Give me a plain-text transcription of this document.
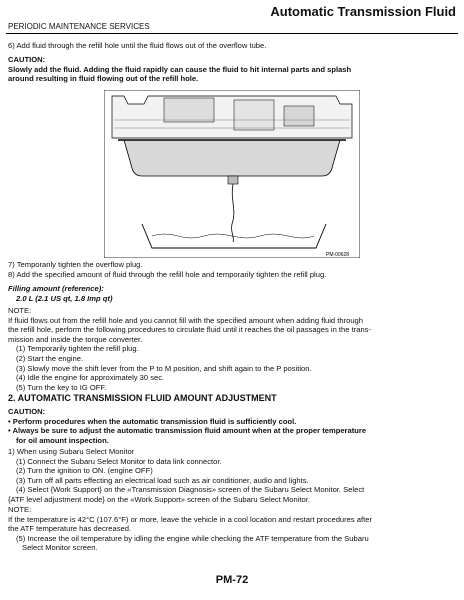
Automatic Transmission Fluid
PERIODIC MAINTENANCE SERVICES
6) Add fluid through the refill hole until the fluid flows out of the overflow tube.
CAUTION:
Slowly add the fluid. Adding the fluid rapidly can cause the fluid to hit internal parts and splash
around resulting in fluid flowing out of the refill hole.
PM-00628
7) Temporarily tighten the overflow plug.
8) Add the specified amount of fluid through the refill hole and temporarily tighten the refill plug.
Filling amount (reference):
2.0 L (2.1 US qt, 1.8 Imp qt)
NOTE:
If fluid flows out from the refill hole and you cannot fill with the specified amount when adding fluid through
the refill hole, perform the following procedures to circulate fluid until it reaches the oil passages in the trans-
mission and inside the torque converter.
(1) Temporarily tighten the refill plug.
(2) Start the engine.
(3) Slowly move the shift lever from the P to M position, and shift again to the P position.
(4) Idle the engine for approximately 30 sec.
(5) Turn the key to IG OFF.
2. AUTOMATIC TRANSMISSION FLUID AMOUNT ADJUSTMENT
CAUTION:
• Perform procedures when the automatic transmission fluid is sufficiently cool.
• Always be sure to adjust the automatic transmission fluid amount when at the proper temperature
for oil amount inspection.
1) When using Subaru Select Monitor
(1) Connect the Subaru Select Monitor to data link connector.
(2) Turn the ignition to ON. (engine OFF)
(3) Turn off all parts effecting an electrical load such as air conditioner, audio and lights.
(4) Select {Work Support} on the «Transmission Diagnosis» screen of the Subaru Select Monitor. Select
{ATF level adjustment mode} on the «Work Support» screen of the Subaru Select Monitor.
NOTE:
If the temperature is 42°C (107.6°F) or more, leave the vehicle in a cool location and restart procedures after
the ATF temperature has decreased.
(5) Increase the oil temperature by idling the engine while checking the ATF temperature from the Subaru
Select Monitor screen.
PM-72
